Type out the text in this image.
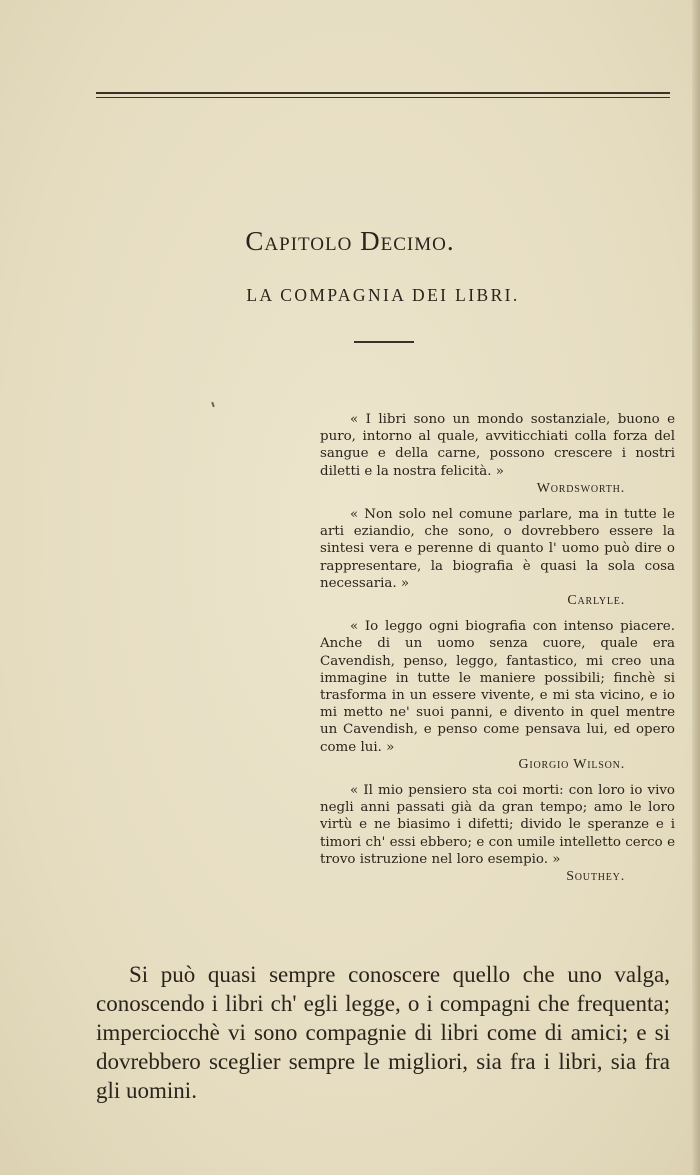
Capitolo Decimo.
LA COMPAGNIA DEI LIBRI.

« I libri sono un mondo sostanziale, buono e puro, intorno al quale, avviticchiati colla forza del sangue e della carne, possono crescere i nostri diletti e la nostra felicità. »

Wordsworth.

« Non solo nel comune parlare, ma in tutte le arti eziandio, che sono, o dovrebbero essere la sintesi vera e perenne di quanto l' uomo può dire o rappresentare, la biografia è quasi la sola cosa necessaria. »

Carlyle.

« Io leggo ogni biografia con intenso piacere. Anche di un uomo senza cuore, quale era Cavendish, penso, leggo, fantastico, mi creo una immagine in tutte le maniere possibili; finchè si trasforma in un essere vivente, e mi sta vicino, e io mi metto ne' suoi panni, e divento in quel mentre un Cavendish, e penso come pensava lui, ed opero come lui. »

Giorgio Wilson.

« Il mio pensiero sta coi morti: con loro io vivo negli anni passati già da gran tempo; amo le loro virtù e ne biasimo i difetti; divido le speranze e i timori ch' essi ebbero; e con umile intelletto cerco e trovo istruzione nel loro esempio. »

Southey.

Si può quasi sempre conoscere quello che uno valga, conoscendo i libri ch' egli legge, o i compagni che frequenta; imperciocchè vi sono compagnie di libri come di amici; e si dovrebbero sceglier sempre le migliori, sia fra i libri, sia fra gli uomini.
